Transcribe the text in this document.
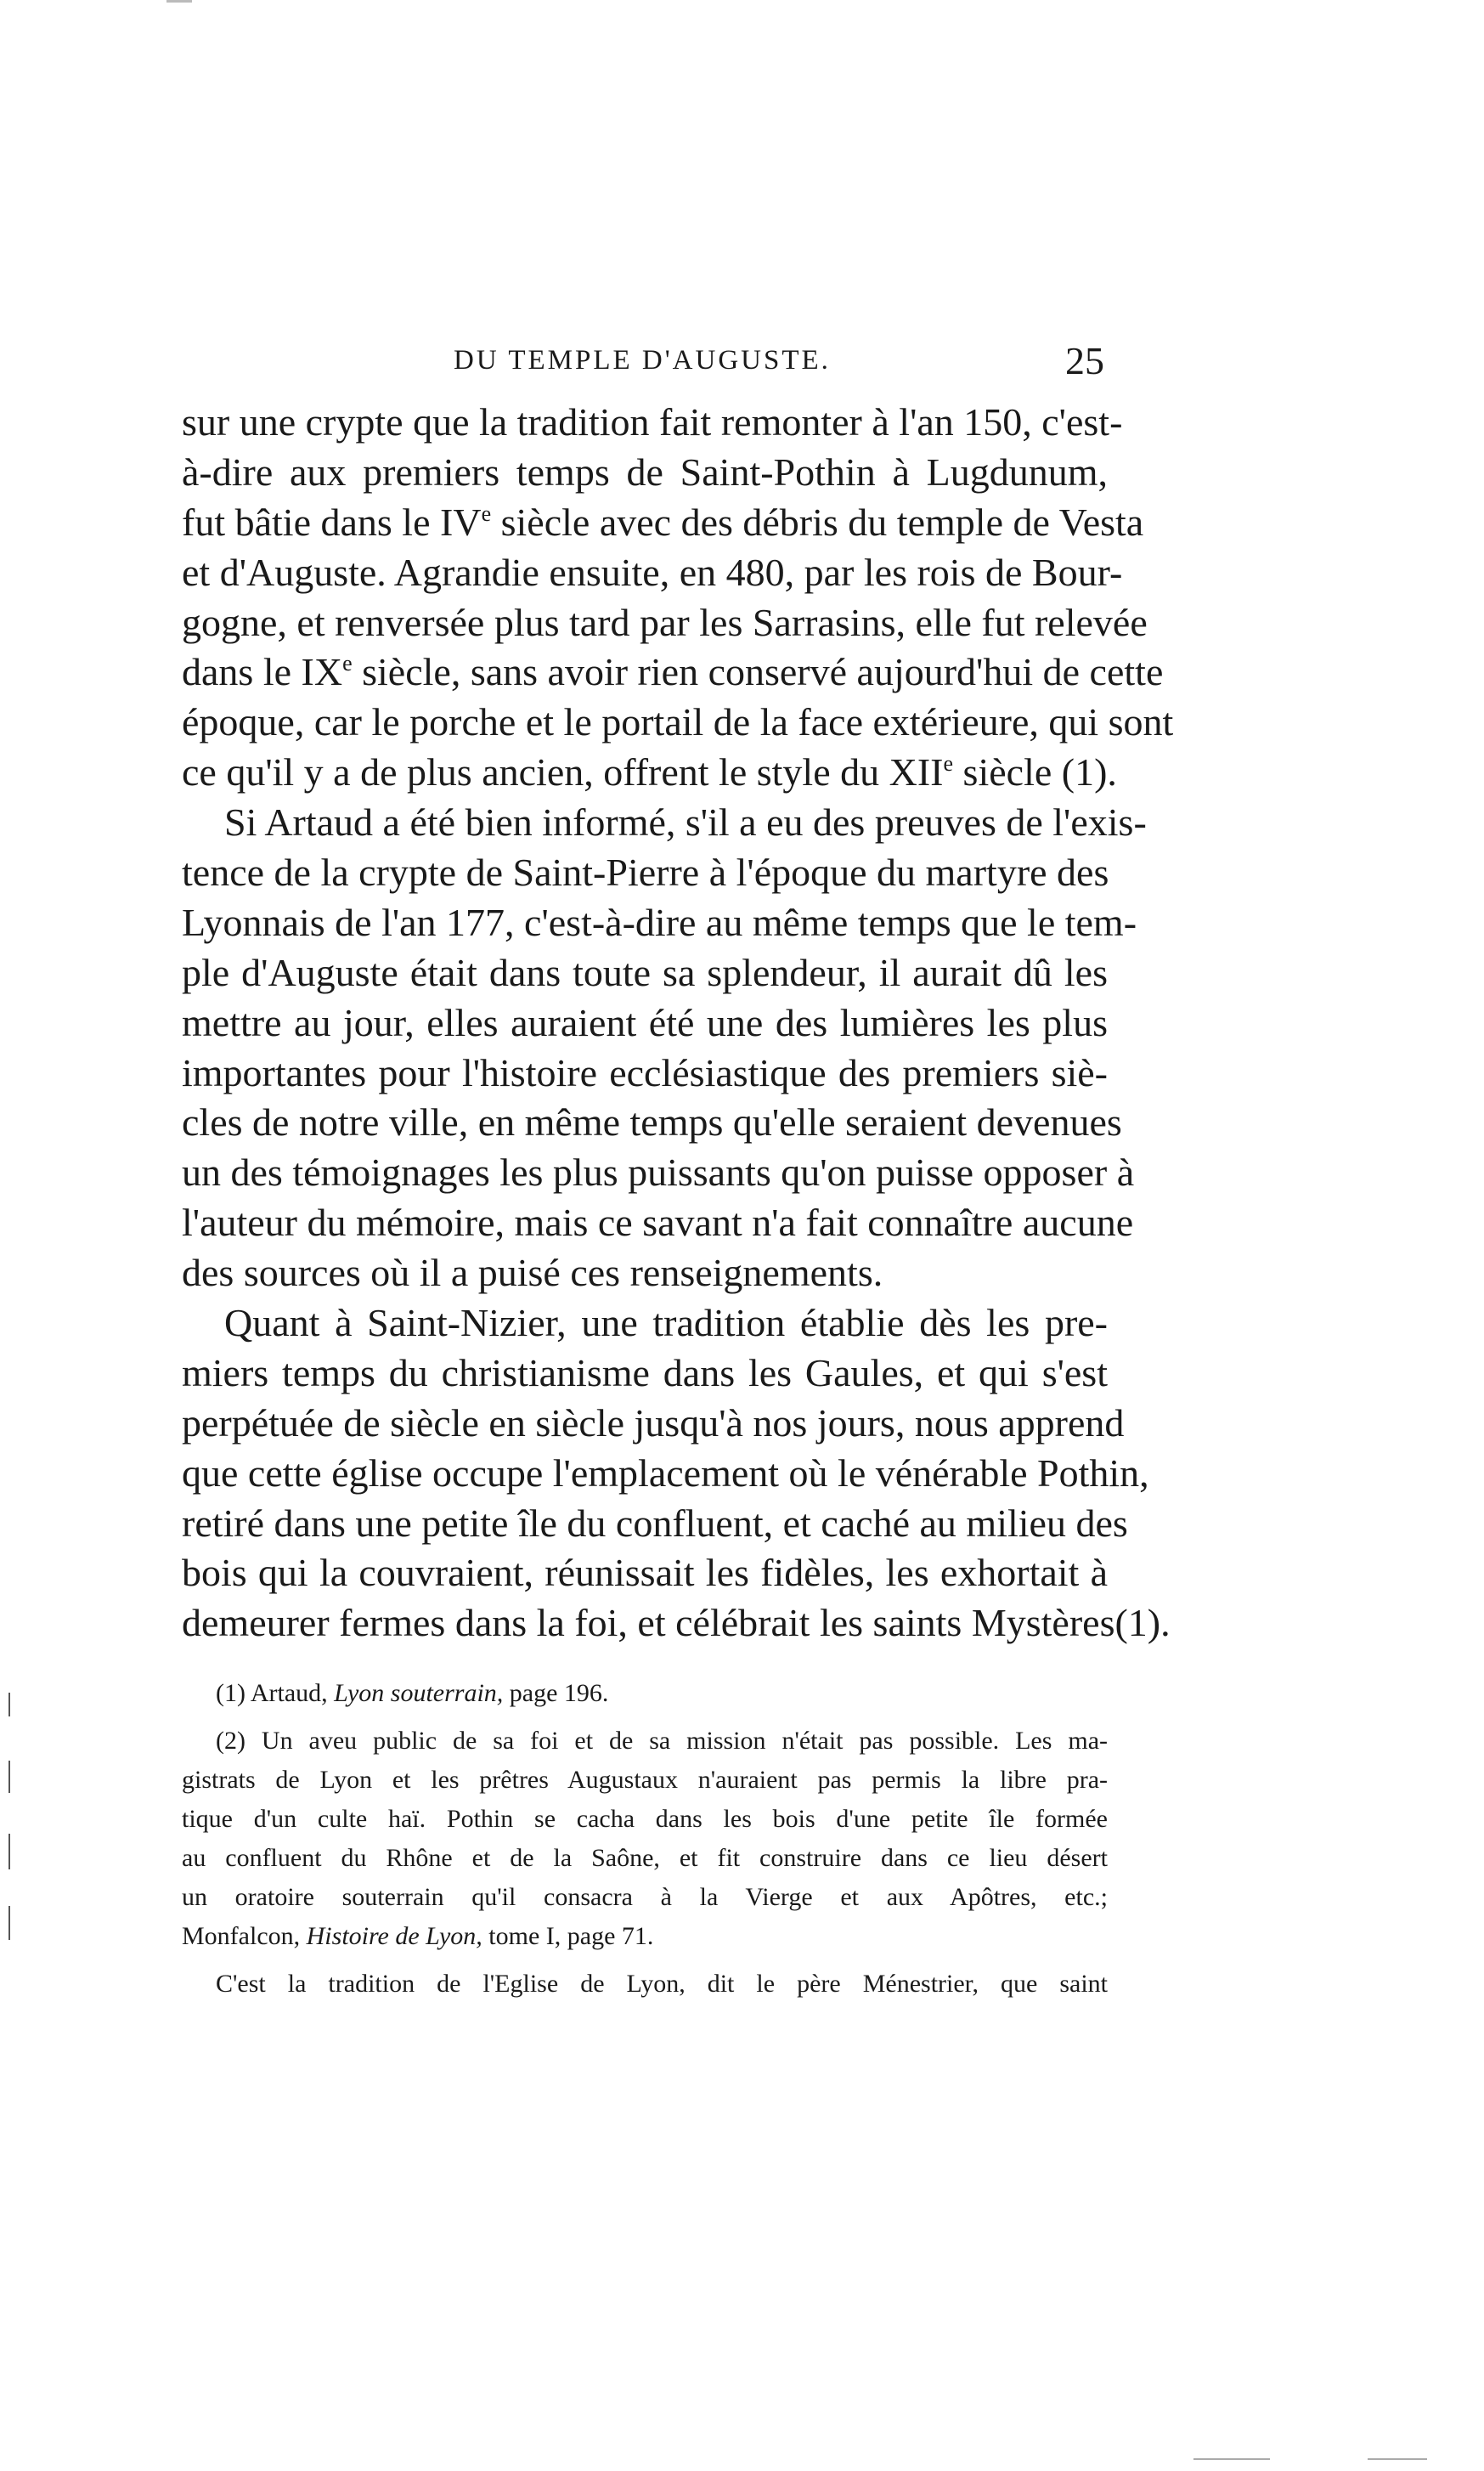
DU TEMPLE D'AUGUSTE.	25
sur une crypte que la tradition fait remonter à l'an 150, c'est-
à-dire aux premiers temps de Saint-Pothin à Lugdunum,
fut bâtie dans le IVe siècle avec des débris du temple de Vesta
et d'Auguste. Agrandie ensuite, en 480, par les rois de Bour-
gogne, et renversée plus tard par les Sarrasins, elle fut relevée
dans le IXe siècle, sans avoir rien conservé aujourd'hui de cette
époque, car le porche et le portail de la face extérieure, qui sont
ce qu'il y a de plus ancien, offrent le style du XIIe siècle (1).
Si Artaud a été bien informé, s'il a eu des preuves de l'exis-
tence de la crypte de Saint-Pierre à l'époque du martyre des
Lyonnais de l'an 177, c'est-à-dire au même temps que le tem-
ple d'Auguste était dans toute sa splendeur, il aurait dû les
mettre au jour, elles auraient été une des lumières les plus
importantes pour l'histoire ecclésiastique des premiers siè-
cles de notre ville, en même temps qu'elle seraient devenues
un des témoignages les plus puissants qu'on puisse opposer à
l'auteur du mémoire, mais ce savant n'a fait connaître aucune
des sources où il a puisé ces renseignements.
Quant à Saint-Nizier, une tradition établie dès les pre-
miers temps du christianisme dans les Gaules, et qui s'est
perpétuée de siècle en siècle jusqu'à nos jours, nous apprend
que cette église occupe l'emplacement où le vénérable Pothin,
retiré dans une petite île du confluent, et caché au milieu des
bois qui la couvraient, réunissait les fidèles, les exhortait à
demeurer fermes dans la foi, et célébrait les saints Mystères(1).
(1) Artaud, Lyon souterrain, page 196.
(2) Un aveu public de sa foi et de sa mission n'était pas possible. Les ma-
gistrats de Lyon et les prêtres Augustaux n'auraient pas permis la libre pra-
tique d'un culte haï. Pothin se cacha dans les bois d'une petite île formée
au confluent du Rhône et de la Saône, et fit construire dans ce lieu désert
un oratoire souterrain qu'il consacra à la Vierge et aux Apôtres, etc.;
Monfalcon, Histoire de Lyon, tome I, page 71.
C'est la tradition de l'Eglise de Lyon, dit le père Ménestrier, que saint
